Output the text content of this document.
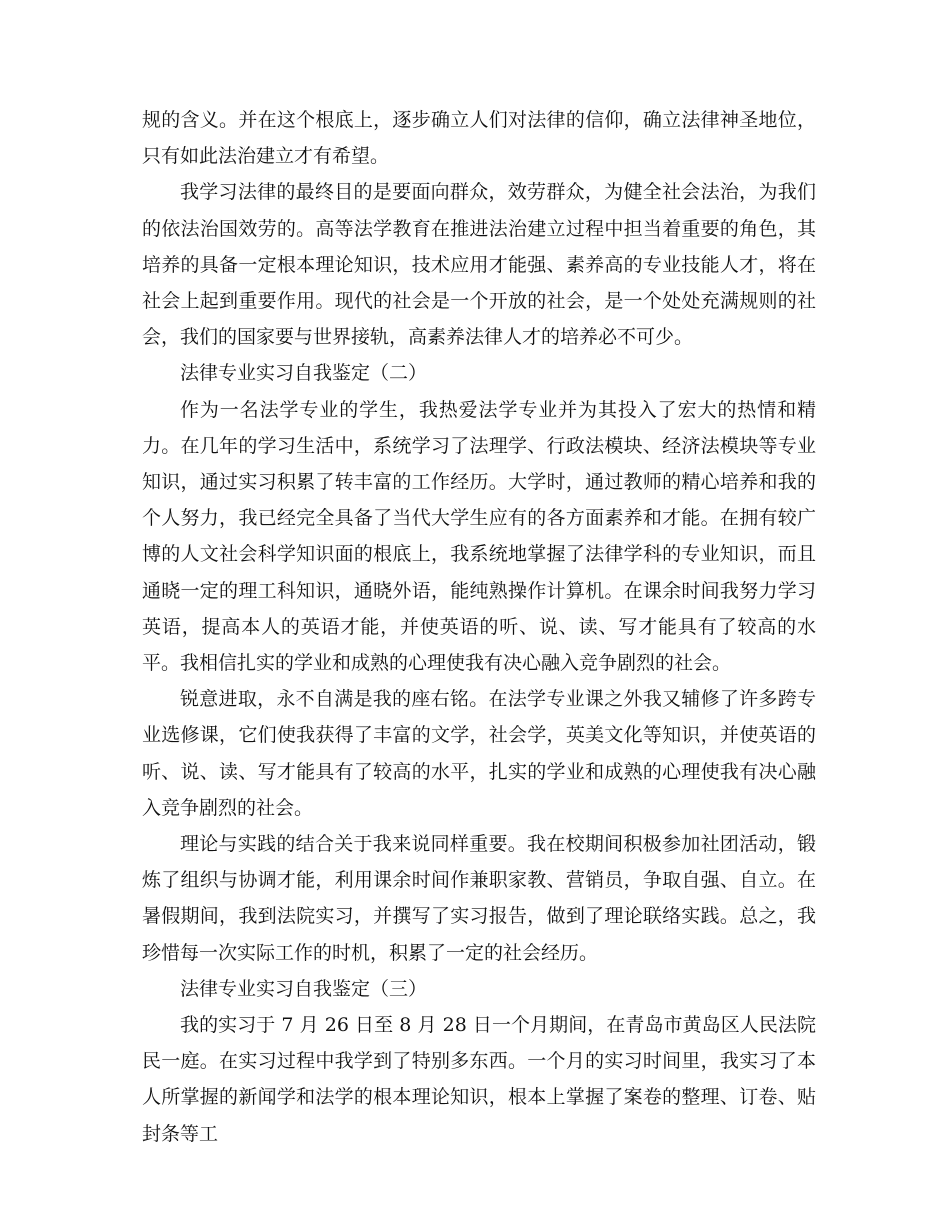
规的含义。并在这个根底上，逐步确立人们对法律的信仰，确立法律神圣地位，只有如此法治建立才有希望。

我学习法律的最终目的是要面向群众，效劳群众，为健全社会法治，为我们的依法治国效劳的。高等法学教育在推进法治建立过程中担当着重要的角色，其培养的具备一定根本理论知识，技术应用才能强、素养高的专业技能人才，将在社会上起到重要作用。现代的社会是一个开放的社会，是一个处处充满规则的社会，我们的国家要与世界接轨，高素养法律人才的培养必不可少。

法律专业实习自我鉴定（二）

作为一名法学专业的学生，我热爱法学专业并为其投入了宏大的热情和精力。在几年的学习生活中，系统学习了法理学、行政法模块、经济法模块等专业知识，通过实习积累了转丰富的工作经历。大学时，通过教师的精心培养和我的个人努力，我已经完全具备了当代大学生应有的各方面素养和才能。在拥有较广博的人文社会科学知识面的根底上，我系统地掌握了法律学科的专业知识，而且通晓一定的理工科知识，通晓外语，能纯熟操作计算机。在课余时间我努力学习英语，提高本人的英语才能，并使英语的听、说、读、写才能具有了较高的水平。我相信扎实的学业和成熟的心理使我有决心融入竞争剧烈的社会。

锐意进取，永不自满是我的座右铭。在法学专业课之外我又辅修了许多跨专业选修课，它们使我获得了丰富的文学，社会学，英美文化等知识，并使英语的听、说、读、写才能具有了较高的水平，扎实的学业和成熟的心理使我有决心融入竞争剧烈的社会。

理论与实践的结合关于我来说同样重要。我在校期间积极参加社团活动，锻炼了组织与协调才能，利用课余时间作兼职家教、营销员，争取自强、自立。在暑假期间，我到法院实习，并撰写了实习报告，做到了理论联络实践。总之，我珍惜每一次实际工作的时机，积累了一定的社会经历。

法律专业实习自我鉴定（三）

我的实习于 7 月 26 日至 8 月 28 日一个月期间，在青岛市黄岛区人民法院民一庭。在实习过程中我学到了特别多东西。一个月的实习时间里，我实习了本人所掌握的新闻学和法学的根本理论知识，根本上掌握了案卷的整理、订卷、贴封条等工
